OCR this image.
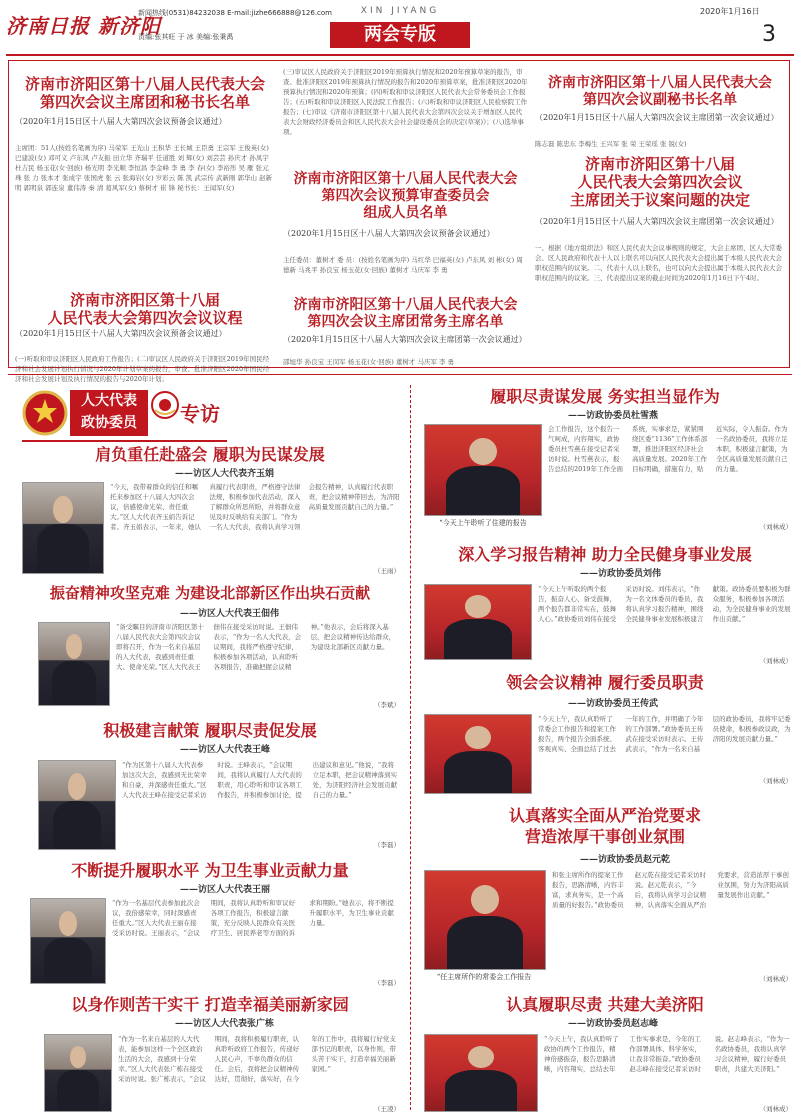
济南日报 新济阳
新闻热线(0531)84232038 E-mail:jizhe666888@126.com
责编:张其旺 于 冰 美编:张秉禹
XIN JIYANG
两会专版
2020年1月16日
3
济南市济阳区第十八届人民代表大会
第四次会议主席团和秘书长名单
（2020年1月15日区十八届人大第四次会议预备会议通过）
主席团：51人(按姓名笔画为序) 马荣军 王光山 王积华 王长城 王臣勇 王宗军 王俊英(女) 巴建波(女) 邓可义 卢东风 卢友振 田立华 齐瑞平 任道胜 刘 辉(女) 刘芸芸 孙庆才 孙凤宇 杜吉民 杨玉花(女·回族) 杨光明 李光顺 李恒昌 李金峰 李 勇 李 春(女) 李裕彤 吴 雁 张元珠 张 力 张本才 张成宇 张国虎 张 云 张海岩(女) 岁彩云 陈 凯 武宗传 武新刚 郭华山 赵新明 郭明泉 郭连泉 董伟涛 秦 清 葛风军(女) 蔡树才 崔 锋 秘书长：王闻军(女)
济南市济阳区第十八届
人民代表大会第四次会议议程
（2020年1月15日区十八届人大第四次会议预备会议通过）
(一)听取和审议济阳区人民政府工作报告；(二)审议区人民政府关于济阳区2019年国民经济和社会发展计划执行情况与2020年计划草案的报告，审查、批准济阳区2020年国民经济和社会发展计划及执行情况的报告与2020年计划；
(三)审议区人民政府关于济阳区2019年预算执行情况和2020年预算草案的报告，审查、批准济阳区2019年预算执行情况的报告和2020年预算草案，批准济阳区2020年预算执行情况和2020年预算；(四)听取和审议济阳区人民代表大会常务委员会工作报告；(五)听取和审议济阳区人民法院工作报告；(六)听取和审议济阳区人民检察院工作报告；(七)审议《济南市济阳区第十八届人民代表大会第四次会议关于增加区人民代表大会财政经济委员会和区人民代表大会社会建设委员会的决定(草案)》；(八)选举事项。
济南市济阳区第十八届人民代表大会
第四次会议预算审查委员会
组成人员名单
（2020年1月15日区十八届人大第四次会议预备会议通过）
主任委员：董树才 委 员：(按姓名笔画为序) 马红华 巴福英(女) 卢东风 刘 彬(女) 周德新 马兆平 孙良宝 杨玉花(女·回族) 董树才 马庆军 李 勇
济南市济阳区第十八届人民代表大会
第四次会议主席团常务主席名单
（2020年1月15日区十八届人大第四次会议主席团第一次会议通过）
邵旭华 孙良宝 王闵军 杨玉花(女·回族) 董树才 马庆军 李 勇
济南市济阳区第十八届人民代表大会
第四次会议副秘书长名单
（2020年1月15日区十八届人大第四次会议主席团第一次会议通过）
陈志磊 陈忠东 李梅生 王兴军 张 荣 王荣瑶 张 锐(女)
济南市济阳区第十八届
人民代表大会第四次会议
主席团关于议案问题的决定
（2020年1月15日区十八届人大第四次会议主席团第一次会议通过）
一、根据《地方组织法》和区人民代表大会议事规则的规定，大会主席团、区人大常委会、区人民政府和代表十人以上联名可以向区人民代表大会提出属于本级人民代表大会职权范围内的议案。二、代表十人以上联名，也可以向大会提出属于本级人民代表大会职权范围内的议案。三、代表提出议案的截止时间为2020年1月16日下午4时。
人大代表
政协委员	专访
肩负重任赴盛会 履职为民谋发展
——访区人大代表齐玉娟
“今天，我带着群众的信任和嘱托来参加区十八届人大四次会议，倍感使命光荣、责任重大。”区人大代表齐玉娟告诉记者。齐玉娟表示，一年来，她认真履行代表职责，严格遵守法律法规，积极参加代表活动，深入了解群众所思所盼，并将群众意见及时反映给有关部门。“作为一名人大代表，我将认真学习领会报告精神，认真履行代表职责，把会议精神带回去，为济阳高质量发展贡献自己的力量。”
（王雨）
振奋精神攻坚克难 为建设北部新区作出块石贡献
——访区人大代表王佃伟
“备受瞩目的济南市济阳区第十八届人民代表大会第四次会议即将召开，作为一名来自基层的人大代表，我感到责任重大、使命光荣。”区人大代表王佃伟在接受采访时说。王佃伟表示，“作为一名人大代表，会议期间，我将严格遵守纪律，积极参加各项活动，认真聆听各项报告，准确把握会议精神。”他表示，会后将深入基层，把会议精神传达给群众，为建设北部新区贡献力量。
（李斌）
积极建言献策 履职尽责促发展
——访区人大代表王峰
“作为区第十八届人大代表参加这次大会，我感到无比荣幸和自豪，并深感责任重大。”区人大代表王峰在接受记者采访时说。王峰表示，“会议期间，我将认真履行人大代表的职责，用心聆听和审议各项工作报告，并积极参加讨论，提出建议和意见。”他说，“我将立足本职，把会议精神落到实处，为济阳经济社会发展贡献自己的力量。”
（李磊）
不断提升履职水平 为卫生事业贡献力量
——访区人大代表王丽
“作为一名基层代表参加此次会议，我倍感荣幸，同时深感责任重大。”区人大代表王丽在接受采访时说。王丽表示，“会议期间，我将认真聆听和审议好各项工作报告，积极建言献策，充分反映人民群众有关医疗卫生、居民养老等方面的诉求和期盼。”她表示，将不断提升履职水平，为卫生事业贡献力量。
（李磊）
以身作则苦干实干 打造幸福美丽新家园
——访区人大代表张广栋
“作为一名来自基层的人大代表，能参加这样一个全区政治生活的大会，我感到十分荣幸。”区人大代表张广栋在接受采访时说。张广栋表示，“会议期间，我将积极履行职责，认真聆听政府工作报告，传递好人民心声，不辜负群众的信任。会后，我将把会议精神传达好，贯彻好，落实好，在今年的工作中，我将履行好党支部书记的职责，以身作则，带头苦干实干，打造幸福美丽新家园。”
（王凌）
履职尽责谋发展 务实担当显作为
——访政协委员杜雪燕
“今天上午聆听了住建的报告
会工作报告，这个报告一气呵成，内容翔实，政协委员杜雪燕在接受记者采访时说。杜雪燕表示，报告总结的2019年工作全面系统，实事求是，紧紧围绕区委“1136”工作体系部署，推进济阳区经济社会高质量发展。2020年工作目标明确，措施有力，贴近实际，令人振奋。作为一名政协委员，我将立足本职，积极建言献策，为全区高质量发展贡献自己的力量。
（刘林成）
深入学习报告精神 助力全民健身事业发展
——访政协委员刘伟
“今天上午听取的两个报告，振奋人心、备受鼓舞，两个报告都非常实在，鼓舞人心。”政协委员刘伟在接受采访时说。刘伟表示，“作为一名文体委员的委员，我将认真学习报告精神，围绕全民健身事业发展积极建言献策。政协委员要积极为群众服务，积极参加各项活动，为全民健身事业的发展作出贡献。”
（刘林成）
领会会议精神 履行委员职责
——访政协委员王传武
“今天上午，我认真聆听了常委会工作报告和提案工作报告，两个报告全面系统、客观真实、全面总结了过去一年的工作，并明确了今年的工作部署。”政协委员王传武在接受采访时表示。王传武表示，“作为一名来自基层的政协委员，我将牢记委员使命，积极参政议政，为济阳的发展贡献力量。”
（刘林成）
认真落实全面从严治党要求
营造浓厚干事创业氛围
——访政协委员赵元乾
“任主席所作的常委会工作报告
和张主席所作的提案工作报告，思路清晰，内容丰富，求真务实，是一个高质量的好报告。”政协委员赵元乾在接受记者采访时说。赵元乾表示，“今后，我将认真学习会议精神，认真落实全面从严治党要求，营造浓厚干事创业氛围，努力为济阳高质量发展作出贡献。”
（刘林成）
认真履职尽责 共建大美济阳
——访政协委员赵志峰
“今天上午，我认真聆听了政协的两个工作报告，精神倍感振奋，报告思路清晰，内容翔实，总结去年工作实事求是，今年的工作部署具体、科学务实，让我非常振奋。”政协委员赵志峰在接受记者采访时说。赵志峰表示，“作为一名政协委员，我将认真学习会议精神，履行好委员职责，共建大美济阳。”
（刘林成）
